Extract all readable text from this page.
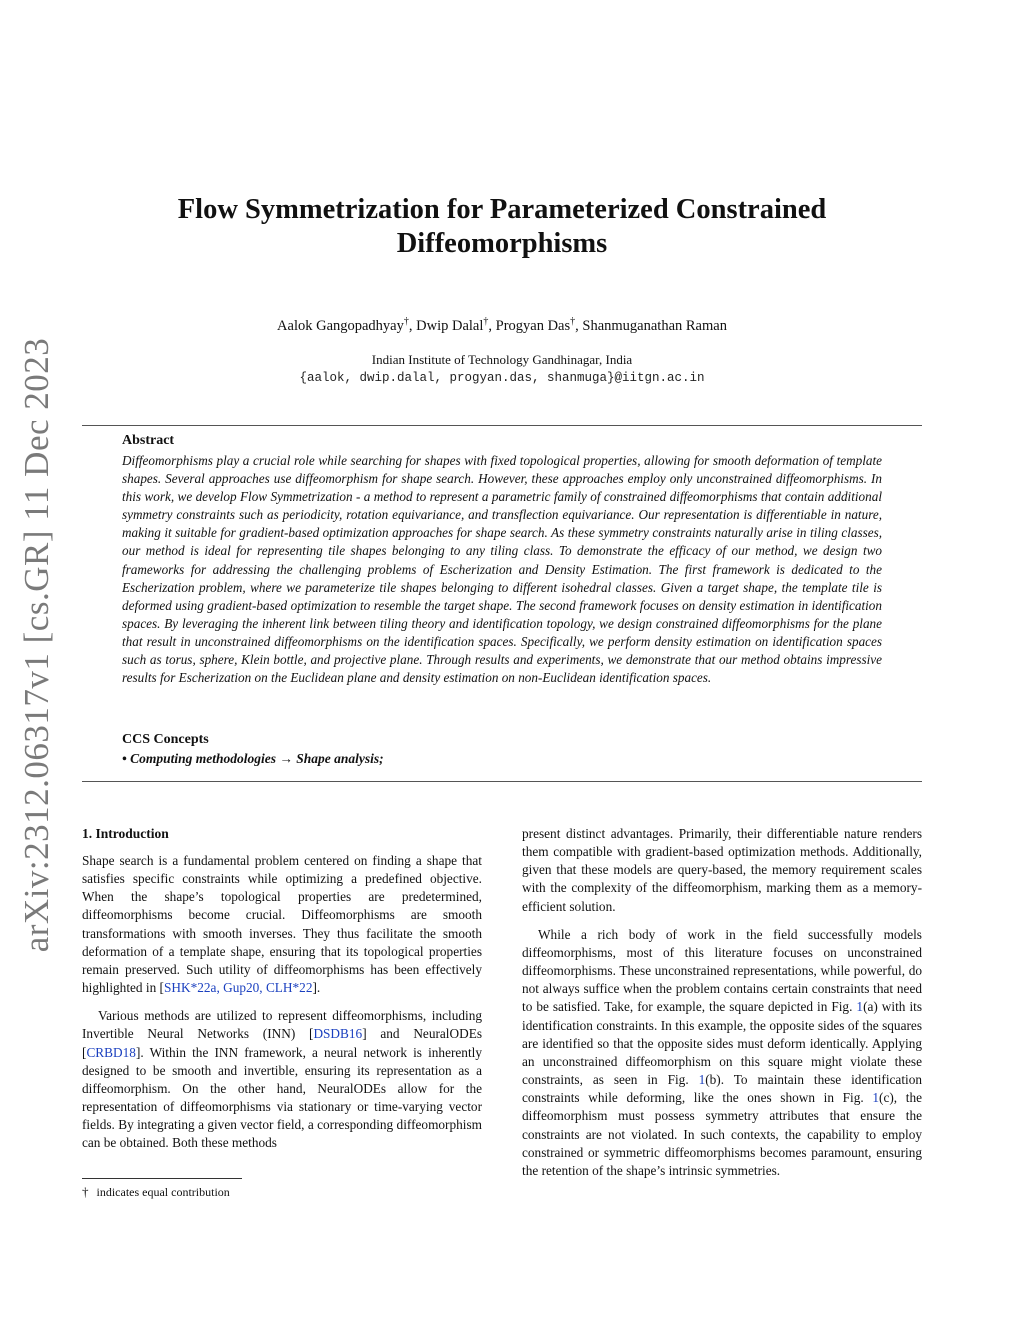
arXiv:2312.06317v1 [cs.GR] 11 Dec 2023
Flow Symmetrization for Parameterized Constrained
Diffeomorphisms
Aalok Gangopadhyay†, Dwip Dalal†, Progyan Das†, Shanmuganathan Raman
Indian Institute of Technology Gandhinagar, India
{aalok, dwip.dalal, progyan.das, shanmuga}@iitgn.ac.in
Abstract
Diffeomorphisms play a crucial role while searching for shapes with fixed topological properties, allowing for smooth deformation of template shapes. Several approaches use diffeomorphism for shape search. However, these approaches employ only unconstrained diffeomorphisms. In this work, we develop Flow Symmetrization - a method to represent a parametric family of constrained diffeomorphisms that contain additional symmetry constraints such as periodicity, rotation equivariance, and transflection equivariance. Our representation is differentiable in nature, making it suitable for gradient-based optimization approaches for shape search. As these symmetry constraints naturally arise in tiling classes, our method is ideal for representing tile shapes belonging to any tiling class. To demonstrate the efficacy of our method, we design two frameworks for addressing the challenging problems of Escherization and Density Estimation. The first framework is dedicated to the Escherization problem, where we parameterize tile shapes belonging to different isohedral classes. Given a target shape, the template tile is deformed using gradient-based optimization to resemble the target shape. The second framework focuses on density estimation in identification spaces. By leveraging the inherent link between tiling theory and identification topology, we design constrained diffeomorphisms for the plane that result in unconstrained diffeomorphisms on the identification spaces. Specifically, we perform density estimation on identification spaces such as torus, sphere, Klein bottle, and projective plane. Through results and experiments, we demonstrate that our method obtains impressive results for Escherization on the Euclidean plane and density estimation on non-Euclidean identification spaces.
CCS Concepts
• Computing methodologies → Shape analysis;
1. Introduction

Shape search is a fundamental problem centered on finding a shape that satisfies specific constraints while optimizing a predefined objective. When the shape’s topological properties are predetermined, diffeomorphisms become crucial. Diffeomorphisms are smooth transformations with smooth inverses. They thus facilitate the smooth deformation of a template shape, ensuring that its topological properties remain preserved. Such utility of diffeomorphisms has been effectively highlighted in [SHK*22a, Gup20, CLH*22].

Various methods are utilized to represent diffeomorphisms, including Invertible Neural Networks (INN) [DSDB16] and NeuralODEs [CRBD18]. Within the INN framework, a neural network is inherently designed to be smooth and invertible, ensuring its representation as a diffeomorphism. On the other hand, NeuralODEs allow for the representation of diffeomorphisms via stationary or time-varying vector fields. By integrating a given vector field, a corresponding diffeomorphism can be obtained. Both these methods

present distinct advantages. Primarily, their differentiable nature renders them compatible with gradient-based optimization methods. Additionally, given that these models are query-based, the memory requirement scales with the complexity of the diffeomorphism, marking them as a memory-efficient solution.

While a rich body of work in the field successfully models diffeomorphisms, most of this literature focuses on unconstrained diffeomorphisms. These unconstrained representations, while powerful, do not always suffice when the problem contains certain constraints that need to be satisfied. Take, for example, the square depicted in Fig. 1(a) with its identification constraints. In this example, the opposite sides of the squares are identified so that the opposite sides must deform identically. Applying an unconstrained diffeomorphism on this square might violate these constraints, as seen in Fig. 1(b). To maintain these identification constraints while deforming, like the ones shown in Fig. 1(c), the diffeomorphism must possess symmetry attributes that ensure the constraints are not violated. In such contexts, the capability to employ constrained or symmetric diffeomorphisms becomes paramount, ensuring the retention of the shape’s intrinsic symmetries.

† indicates equal contribution
